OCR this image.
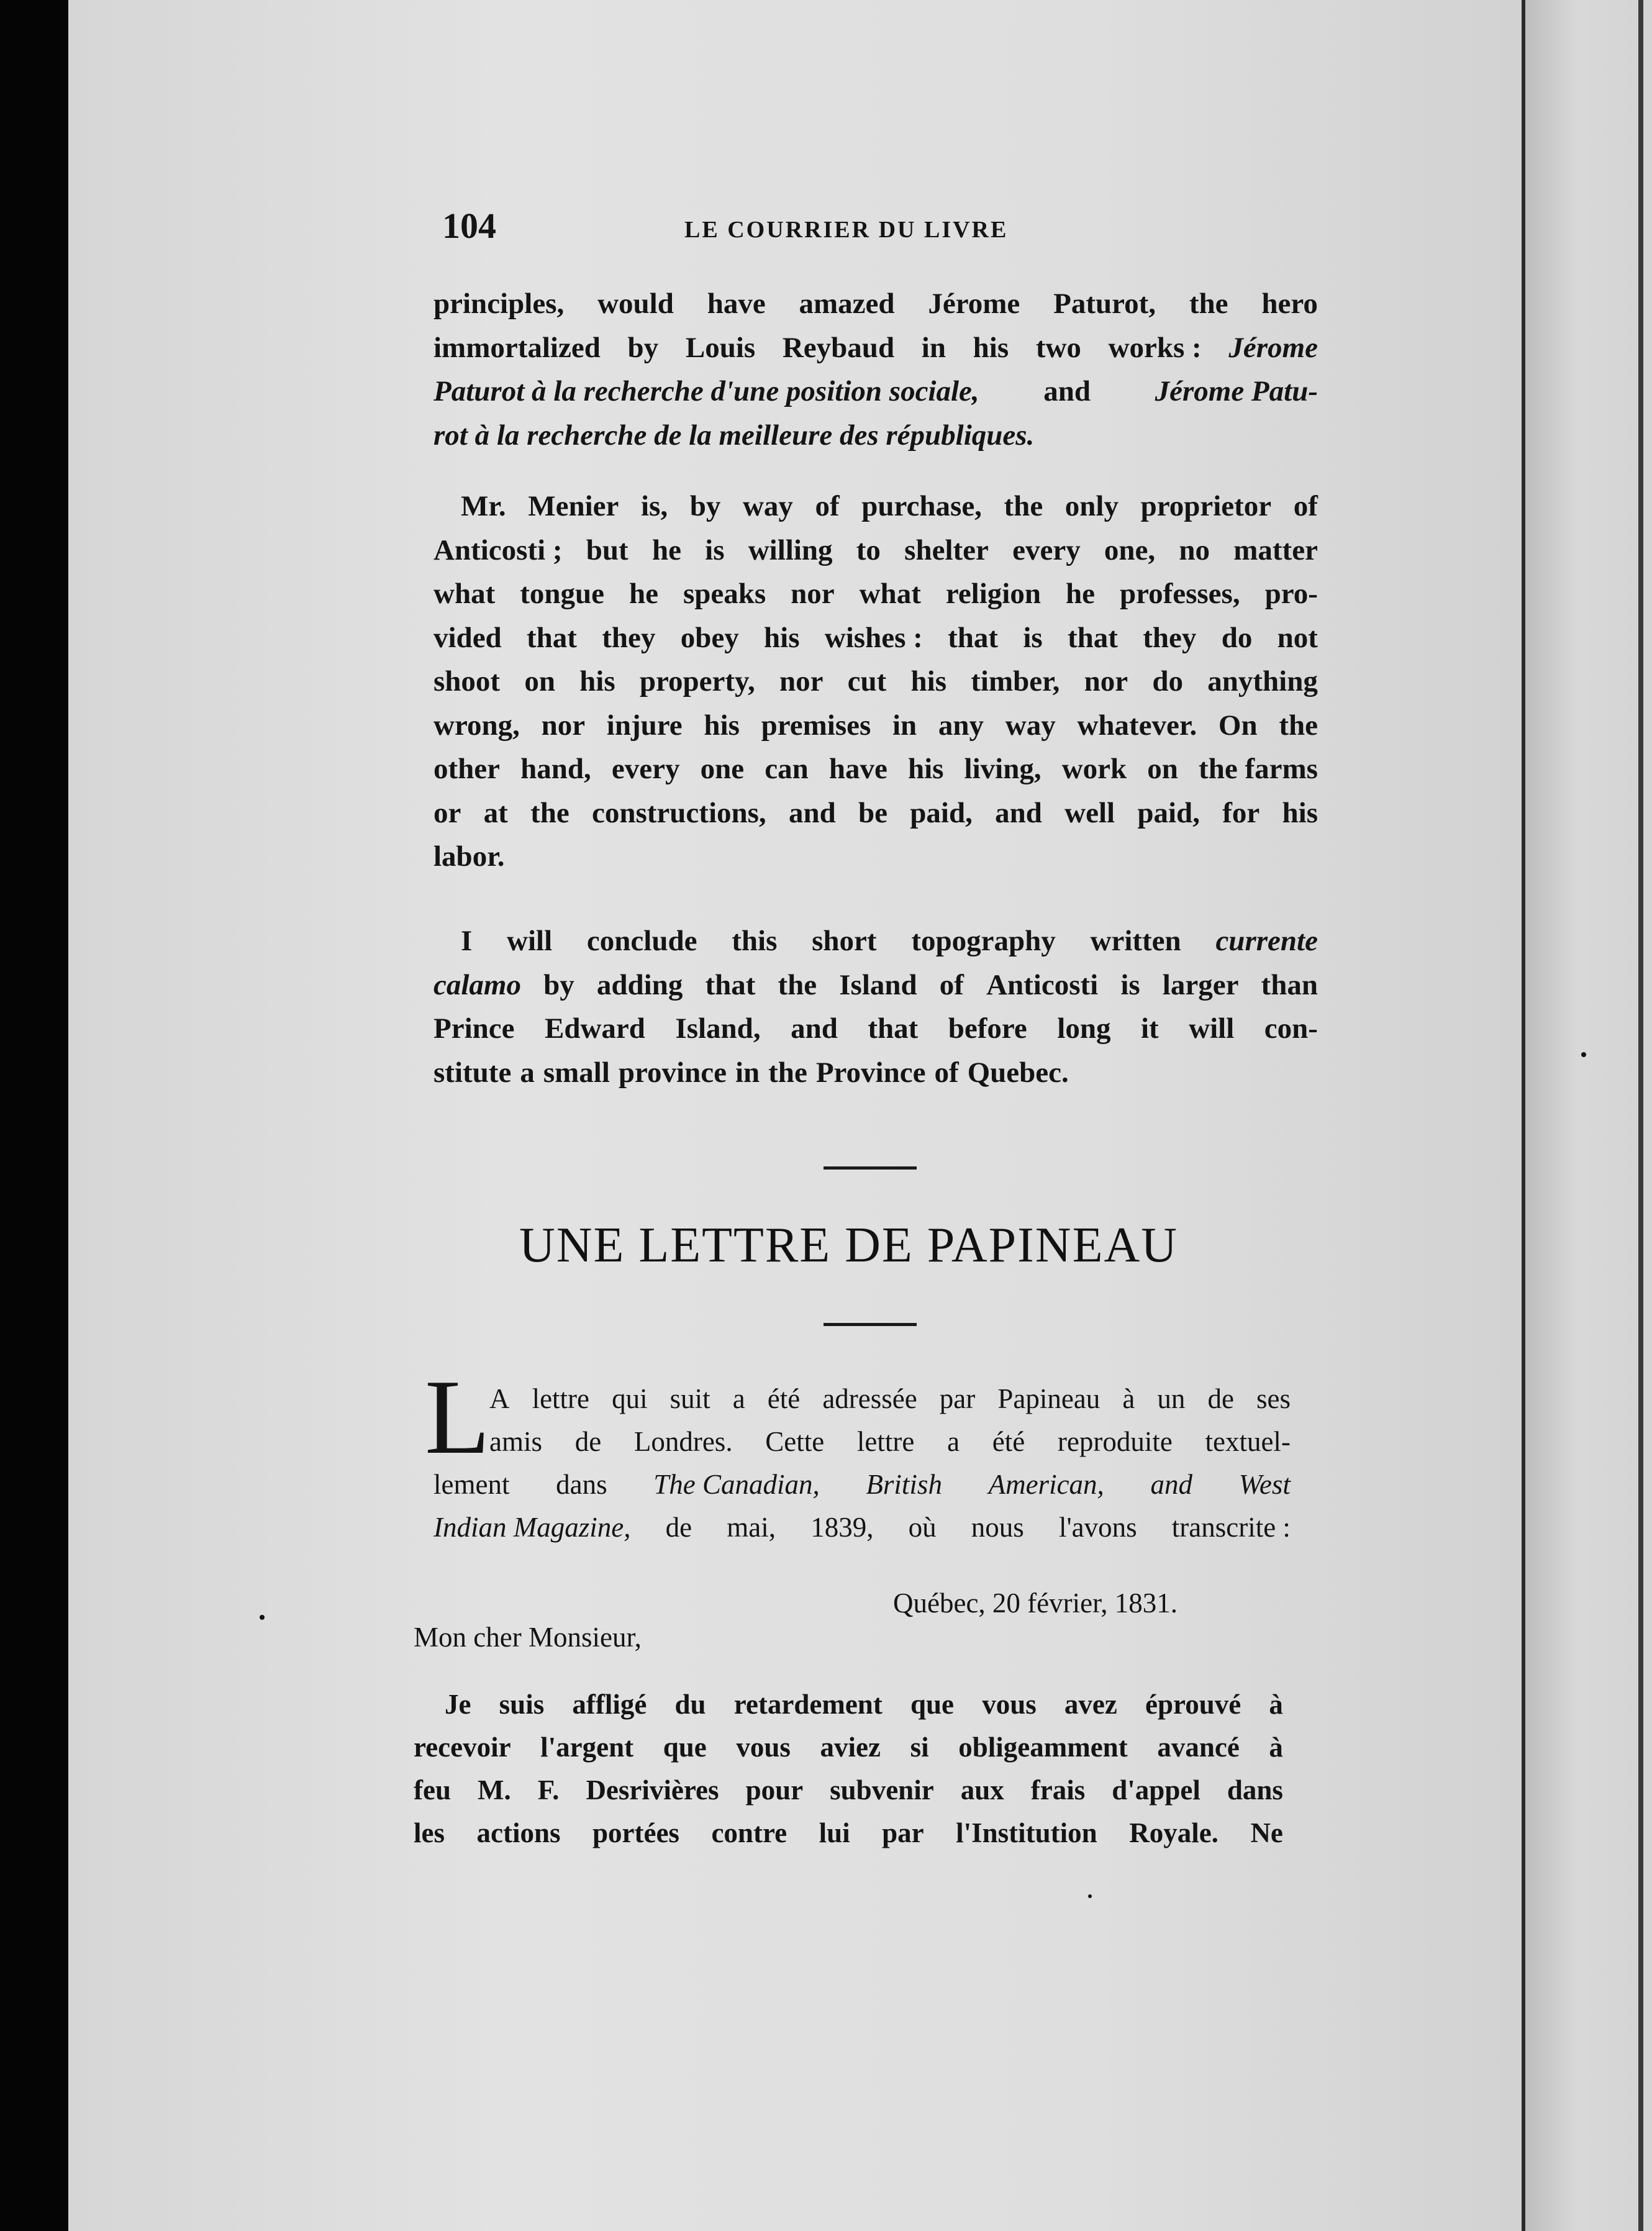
104	LE COURRIER DU LIVRE
principles, would have amazed Jérome Paturot, the hero
immortalized by Louis Reybaud in his two works : Jérome
Paturot à la recherche d'une position sociale, and Jérome Patu-
rot à la recherche de la meilleure des républiques.
Mr. Menier is, by way of purchase, the only proprietor of
Anticosti ; but he is willing to shelter every one, no matter
what tongue he speaks nor what religion he professes, pro-
vided that they obey his wishes : that is that they do not
shoot on his property, nor cut his timber, nor do anything
wrong, nor injure his premises in any way whatever. On the
other hand, every one can have his living, work on the farms
or at the constructions, and be paid, and well paid, for his
labor.
I will conclude this short topography written currente
calamo by adding that the Island of Anticosti is larger than
Prince Edward Island, and that before long it will con-
stitute a small province in the Province of Quebec.
UNE LETTRE DE PAPINEAU
L
A lettre qui suit a été adressée par Papineau à un de ses
amis de Londres. Cette lettre a été reproduite textuel-
lement dans The Canadian, British American, and West
Indian Magazine, de mai, 1839, où nous l'avons transcrite :
Québec, 20 février, 1831.
Mon cher Monsieur,
Je suis affligé du retardement que vous avez éprouvé à
recevoir l'argent que vous aviez si obligeamment avancé à
feu M. F. Desrivières pour subvenir aux frais d'appel dans
les actions portées contre lui par l'Institution Royale. Ne
